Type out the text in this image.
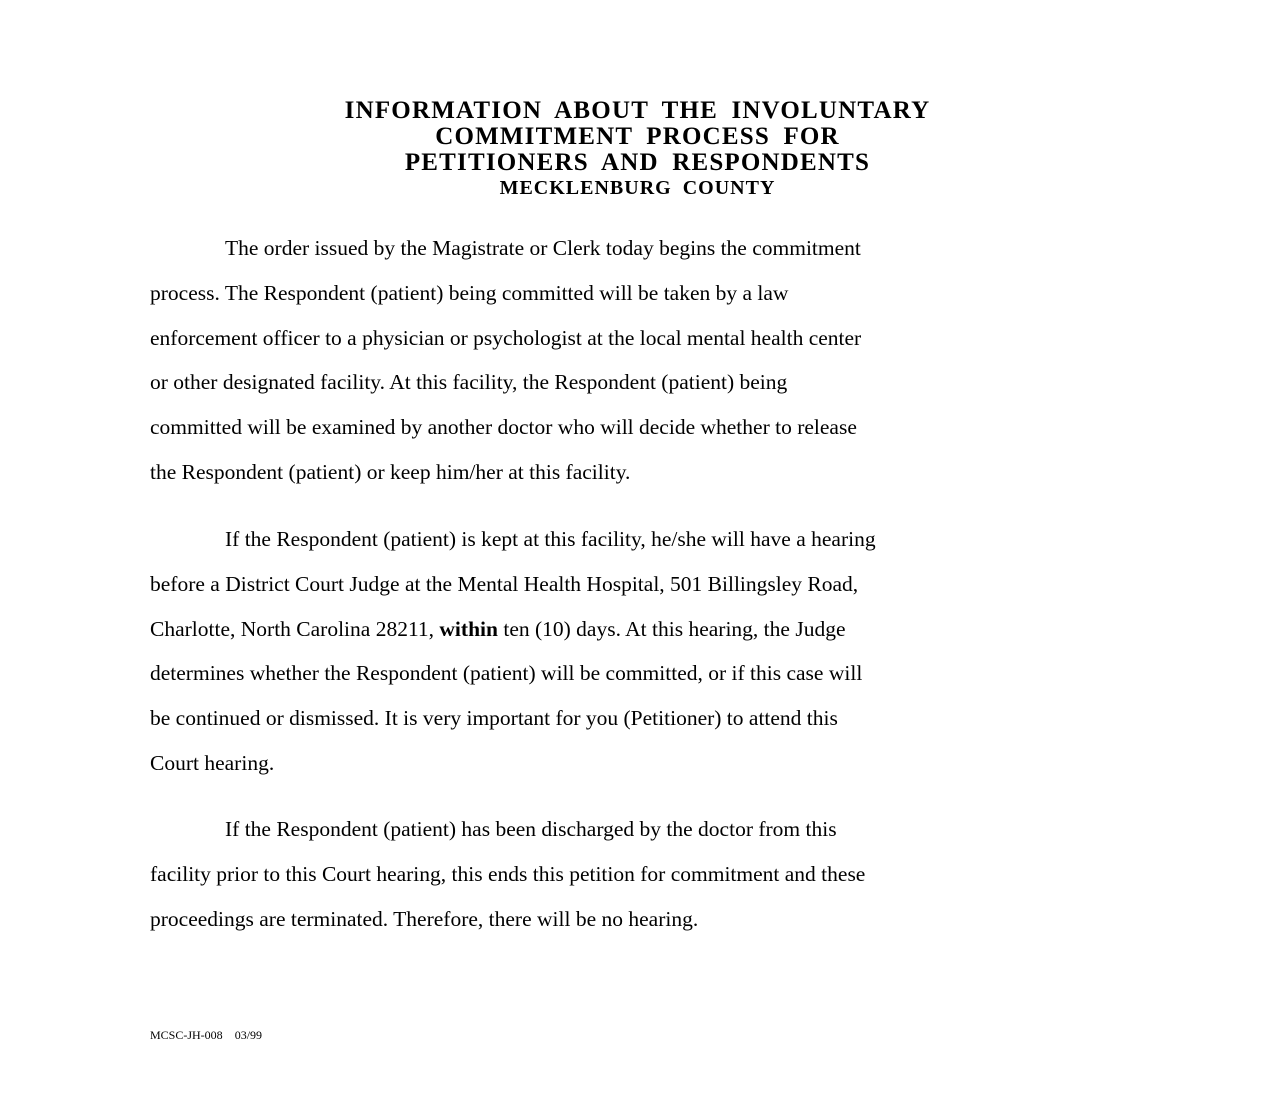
INFORMATION ABOUT THE INVOLUNTARY

COMMITMENT PROCESS FOR

PETITIONERS AND RESPONDENTS

MECKLENBURG COUNTY

The order issued by the Magistrate or Clerk today begins the commitment
process. The Respondent (patient) being committed will be taken by a law
enforcement officer to a physician or psychologist at the local mental health center
or other designated facility. At this facility, the Respondent (patient) being
committed will be examined by another doctor who will decide whether to release
the Respondent (patient) or keep him/her at this facility.
If the Respondent (patient) is kept at this facility, he/she will have a hearing
before a District Court Judge at the Mental Health Hospital, 501 Billingsley Road,
Charlotte, North Carolina 28211, within ten (10) days. At this hearing, the Judge
determines whether the Respondent (patient) will be committed, or if this case will
be continued or dismissed. It is very important for you (Petitioner) to attend this
Court hearing.
If the Respondent (patient) has been discharged by the doctor from this
facility prior to this Court hearing, this ends this petition for commitment and these
proceedings are terminated. Therefore, there will be no hearing.
MCSC-JH-008 03/99
